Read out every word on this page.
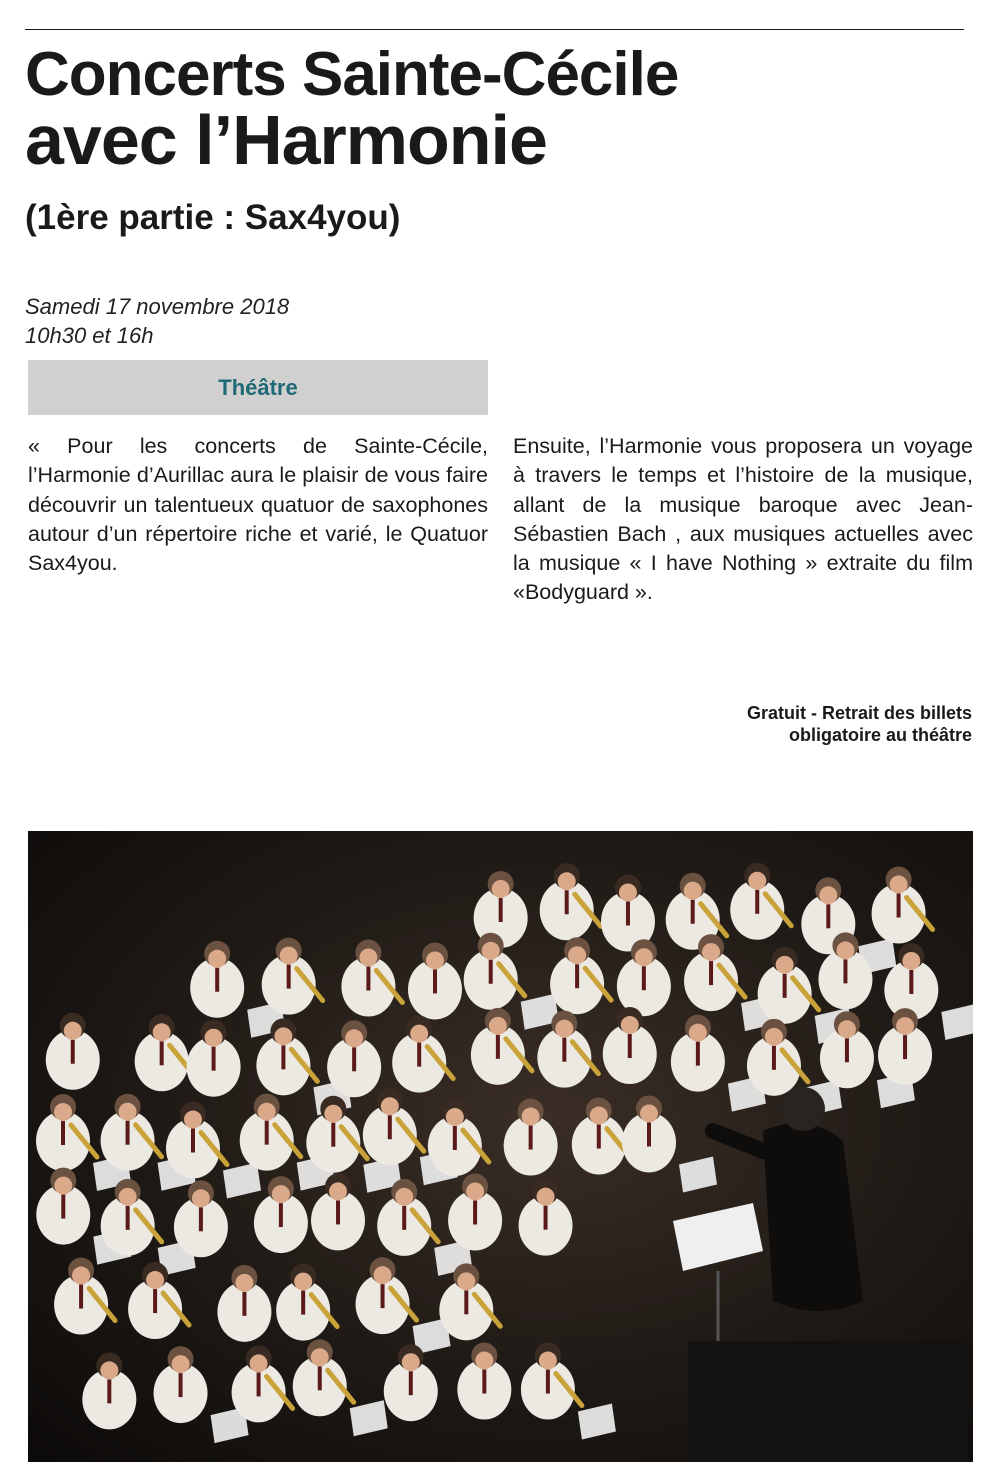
Concerts Sainte-Cécile
avec l’Harmonie
(1ère partie : Sax4you)
Samedi 17 novembre 2018
10h30 et 16h
Théâtre

« Pour les concerts de Sainte-Cécile, l’Harmonie d’Aurillac aura le plaisir de vous faire découvrir un talentueux quatuor de saxophones autour d’un répertoire riche et varié, le Quatuor Sax4you.

Ensuite, l’Harmonie vous proposera un voyage à travers le temps et l’histoire de la musique, allant de la musique baroque avec Jean-Sébastien Bach , aux musiques actuelles avec la musique « I have Nothing » extraite du film «Bodyguard ».

Gratuit - Retrait des billets
obligatoire au théâtre
